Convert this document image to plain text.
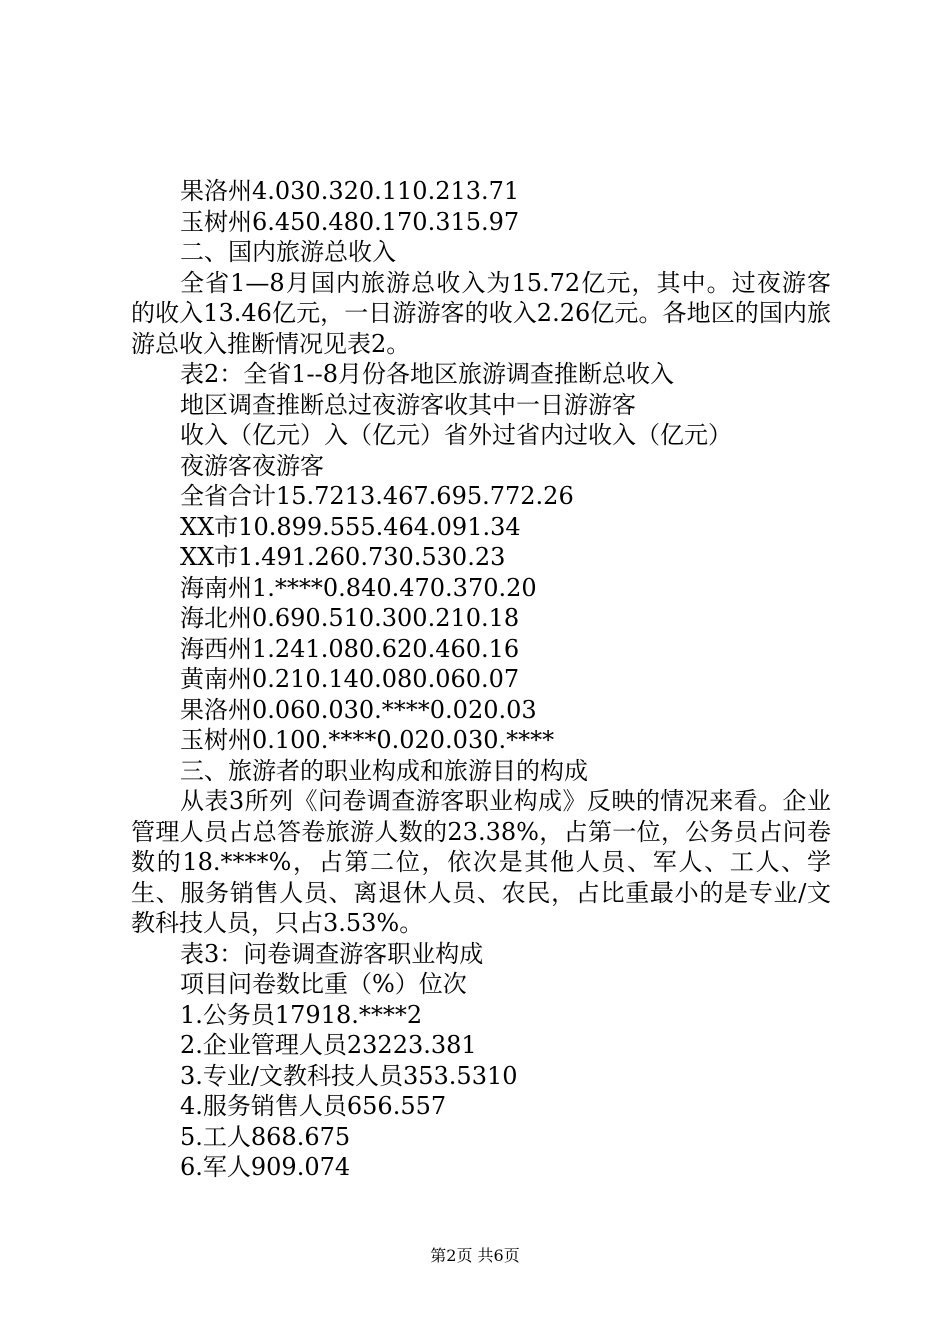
果洛州4.030.320.110.213.71
玉树州6.450.480.170.315.97
二、国内旅游总收入
全省1—8月国内旅游总收入为15.72亿元，其中。过夜游客的收入13.46亿元，一日游游客的收入2.26亿元。各地区的国内旅游总收入推断情况见表2。
表2：全省1--8月份各地区旅游调查推断总收入
地区调查推断总过夜游客收其中一日游游客
收入（亿元）入（亿元）省外过省内过收入（亿元）
夜游客夜游客
全省合计15.7213.467.695.772.26
XX市10.899.555.464.091.34
XX市1.491.260.730.530.23
海南州1.****0.840.470.370.20
海北州0.690.510.300.210.18
海西州1.241.080.620.460.16
黄南州0.210.140.080.060.07
果洛州0.060.030.****0.020.03
玉树州0.100.****0.020.030.****
三、旅游者的职业构成和旅游目的构成
从表3所列《问卷调查游客职业构成》反映的情况来看。企业管理人员占总答卷旅游人数的23.38%，占第一位，公务员占问卷数的18.****%，占第二位，依次是其他人员、军人、工人、学生、服务销售人员、离退休人员、农民，占比重最小的是专业/文教科技人员，只占3.53%。
表3：问卷调查游客职业构成
项目问卷数比重（%）位次
1.公务员17918.****2
2.企业管理人员23223.381
3.专业/文教科技人员353.5310
4.服务销售人员656.557
5.工人868.675
6.军人909.074
第2页 共6页
